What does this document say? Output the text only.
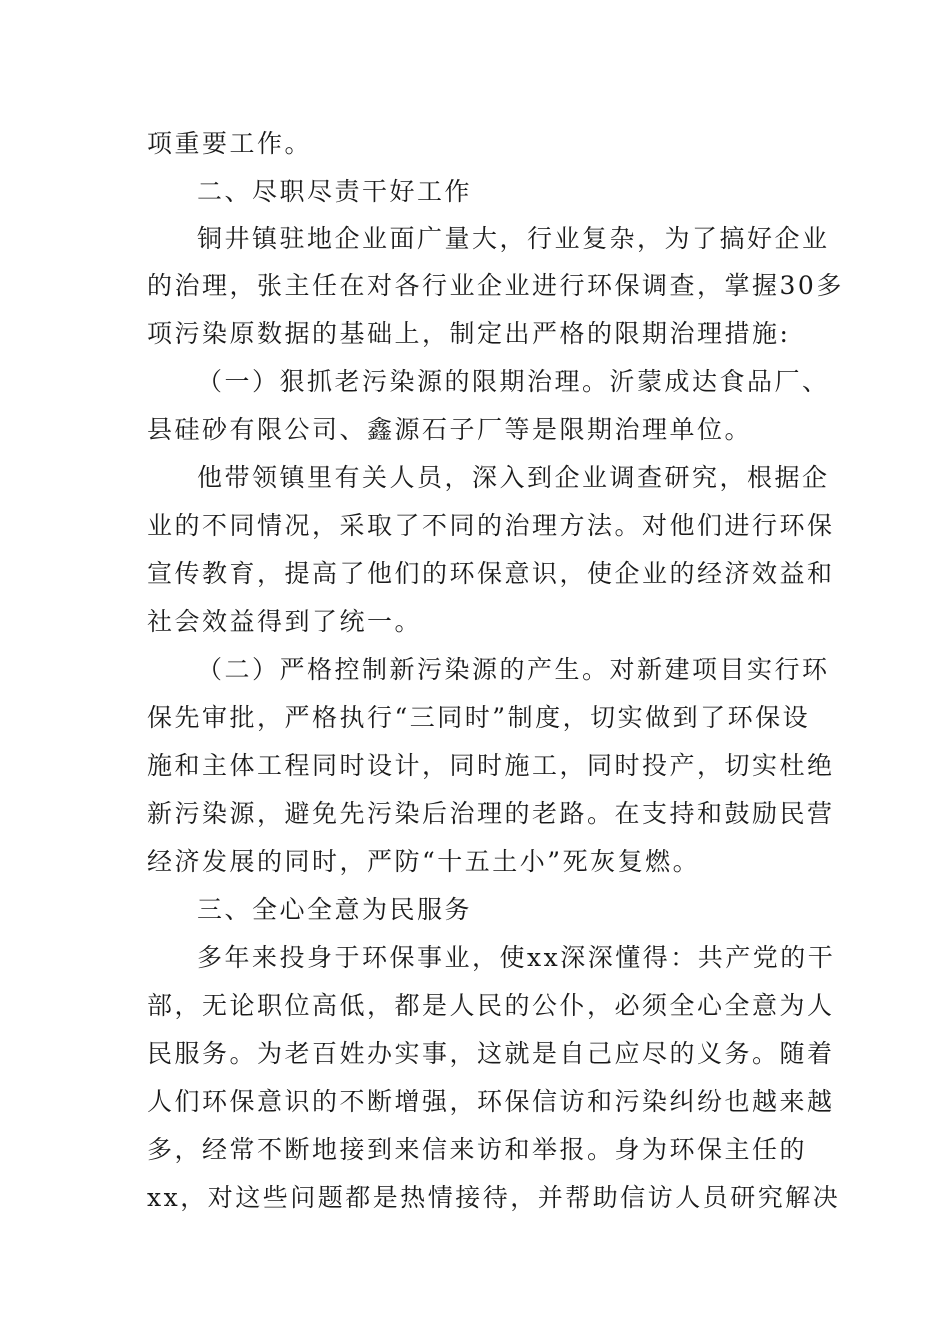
项重要工作。
二、尽职尽责干好工作
铜井镇驻地企业面广量大，行业复杂，为了搞好企业
的治理，张主任在对各行业企业进行环保调查，掌握30多
项污染原数据的基础上，制定出严格的限期治理措施:
（一）狠抓老污染源的限期治理。沂蒙成达食品厂、
县硅砂有限公司、鑫源石子厂等是限期治理单位。
他带领镇里有关人员，深入到企业调查研究，根据企
业的不同情况，采取了不同的治理方法。对他们进行环保
宣传教育，提高了他们的环保意识，使企业的经济效益和
社会效益得到了统一。
（二）严格控制新污染源的产生。对新建项目实行环
保先审批，严格执行“三同时”制度，切实做到了环保设
施和主体工程同时设计，同时施工，同时投产，切实杜绝
新污染源，避免先污染后治理的老路。在支持和鼓励民营
经济发展的同时，严防“十五土小”死灰复燃。
三、全心全意为民服务
多年来投身于环保事业，使xx深深懂得：共产党的干
部，无论职位高低，都是人民的公仆，必须全心全意为人
民服务。为老百姓办实事，这就是自己应尽的义务。随着
人们环保意识的不断增强，环保信访和污染纠纷也越来越
多，经常不断地接到来信来访和举报。身为环保主任的
xx，对这些问题都是热情接待，并帮助信访人员研究解决
